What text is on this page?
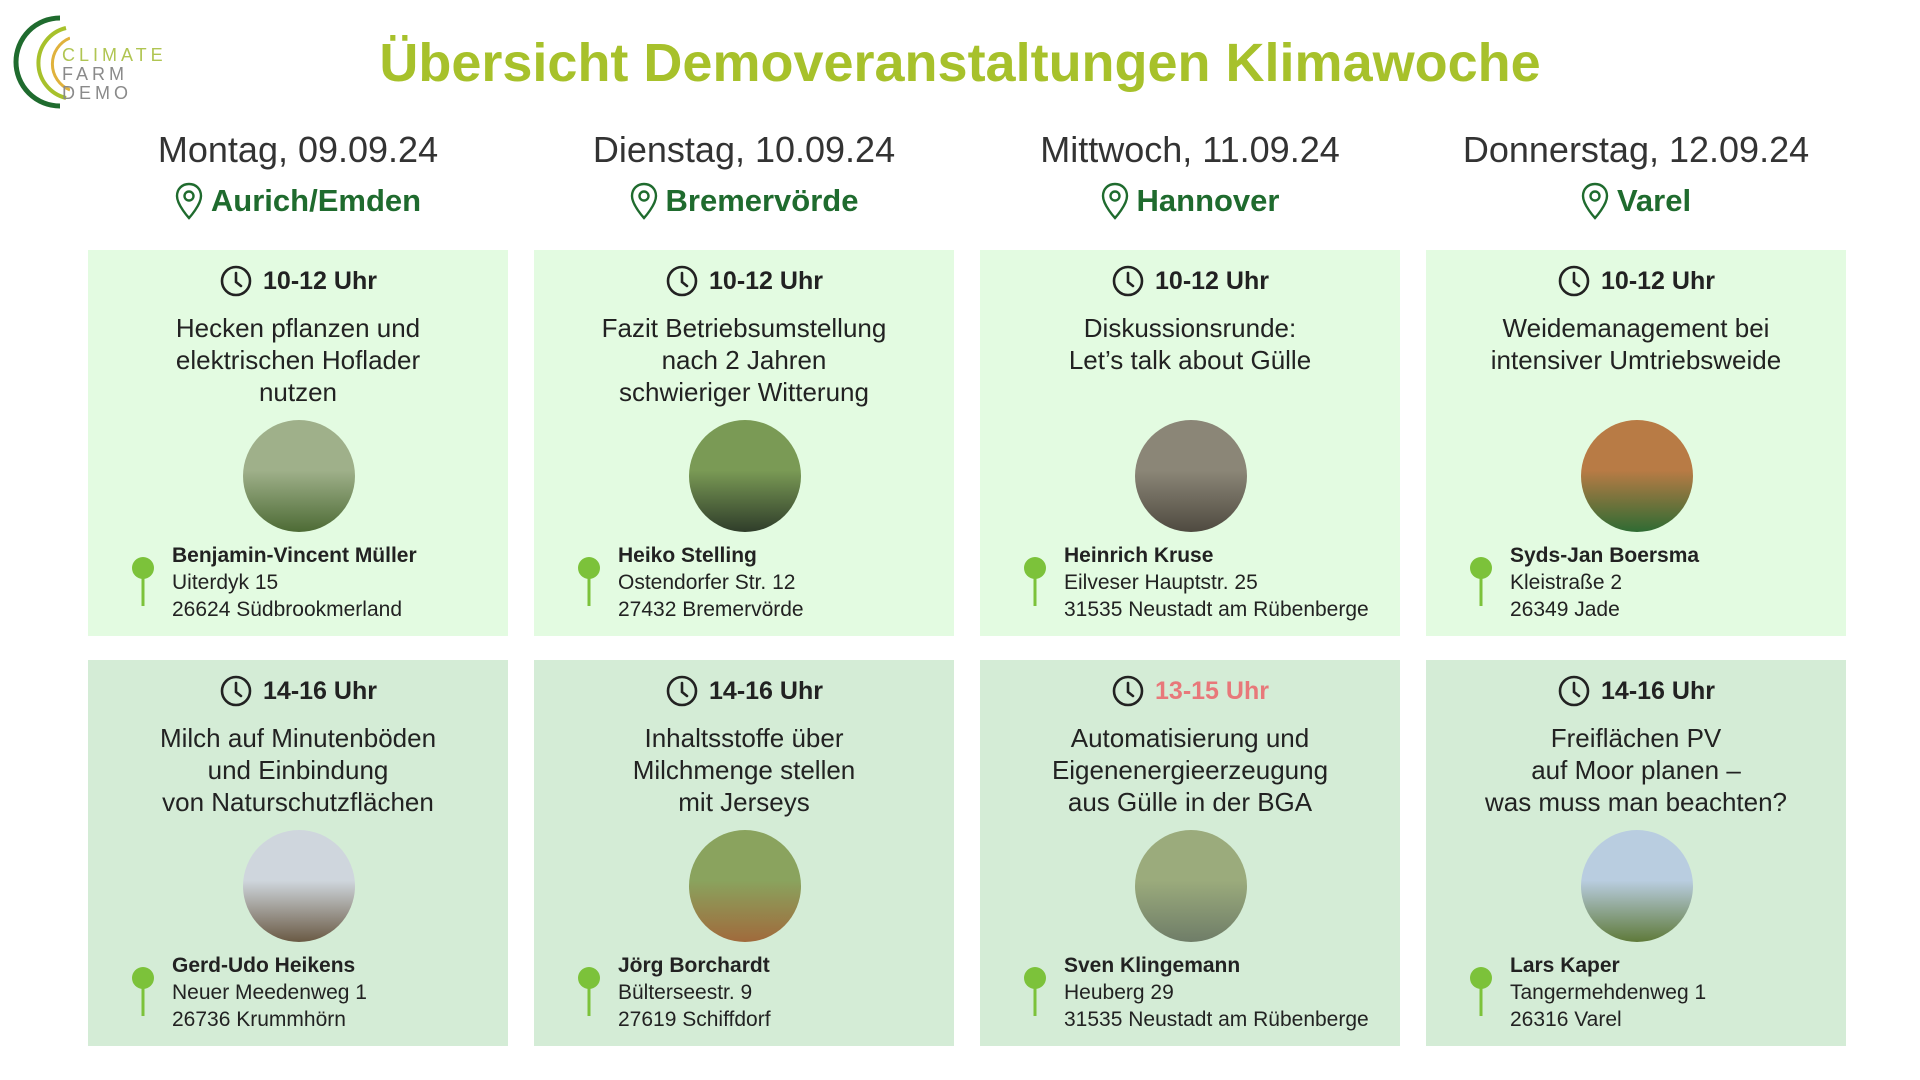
CLIMATE
FARM
DEMO	Übersicht Demoveranstaltungen Klimawoche
Montag, 09.09.24
Aurich/Emden
10-12 Uhr
Hecken pflanzen und
elektrischen Hoflader
nutzen
Benjamin-Vincent Müller
Uiterdyk 15
26624 Südbrookmerland
14-16 Uhr
Milch auf Minutenböden
und Einbindung
von Naturschutzflächen
Gerd-Udo Heikens
Neuer Meedenweg 1
26736 Krummhörn
Dienstag, 10.09.24
Bremervörde
10-12 Uhr
Fazit Betriebsumstellung
nach 2 Jahren
schwieriger Witterung
Heiko Stelling
Ostendorfer Str. 12
27432 Bremervörde
14-16 Uhr
Inhaltsstoffe über
Milchmenge stellen
mit Jerseys
Jörg Borchardt
Bülterseestr. 9
27619 Schiffdorf
Mittwoch, 11.09.24
Hannover
10-12 Uhr
Diskussionsrunde:
Let’s talk about Gülle
Heinrich Kruse
Eilveser Hauptstr. 25
31535 Neustadt am Rübenberge
13-15 Uhr
Automatisierung und
Eigenenergieerzeugung
aus Gülle in der BGA
Sven Klingemann
Heuberg 29
31535 Neustadt am Rübenberge
Donnerstag, 12.09.24
Varel
10-12 Uhr
Weidemanagement bei
intensiver Umtriebsweide
Syds-Jan Boersma
Kleistraße 2
26349 Jade
14-16 Uhr
Freiflächen PV
auf Moor planen –
was muss man beachten?
Lars Kaper
Tangermehdenweg 1
26316 Varel
